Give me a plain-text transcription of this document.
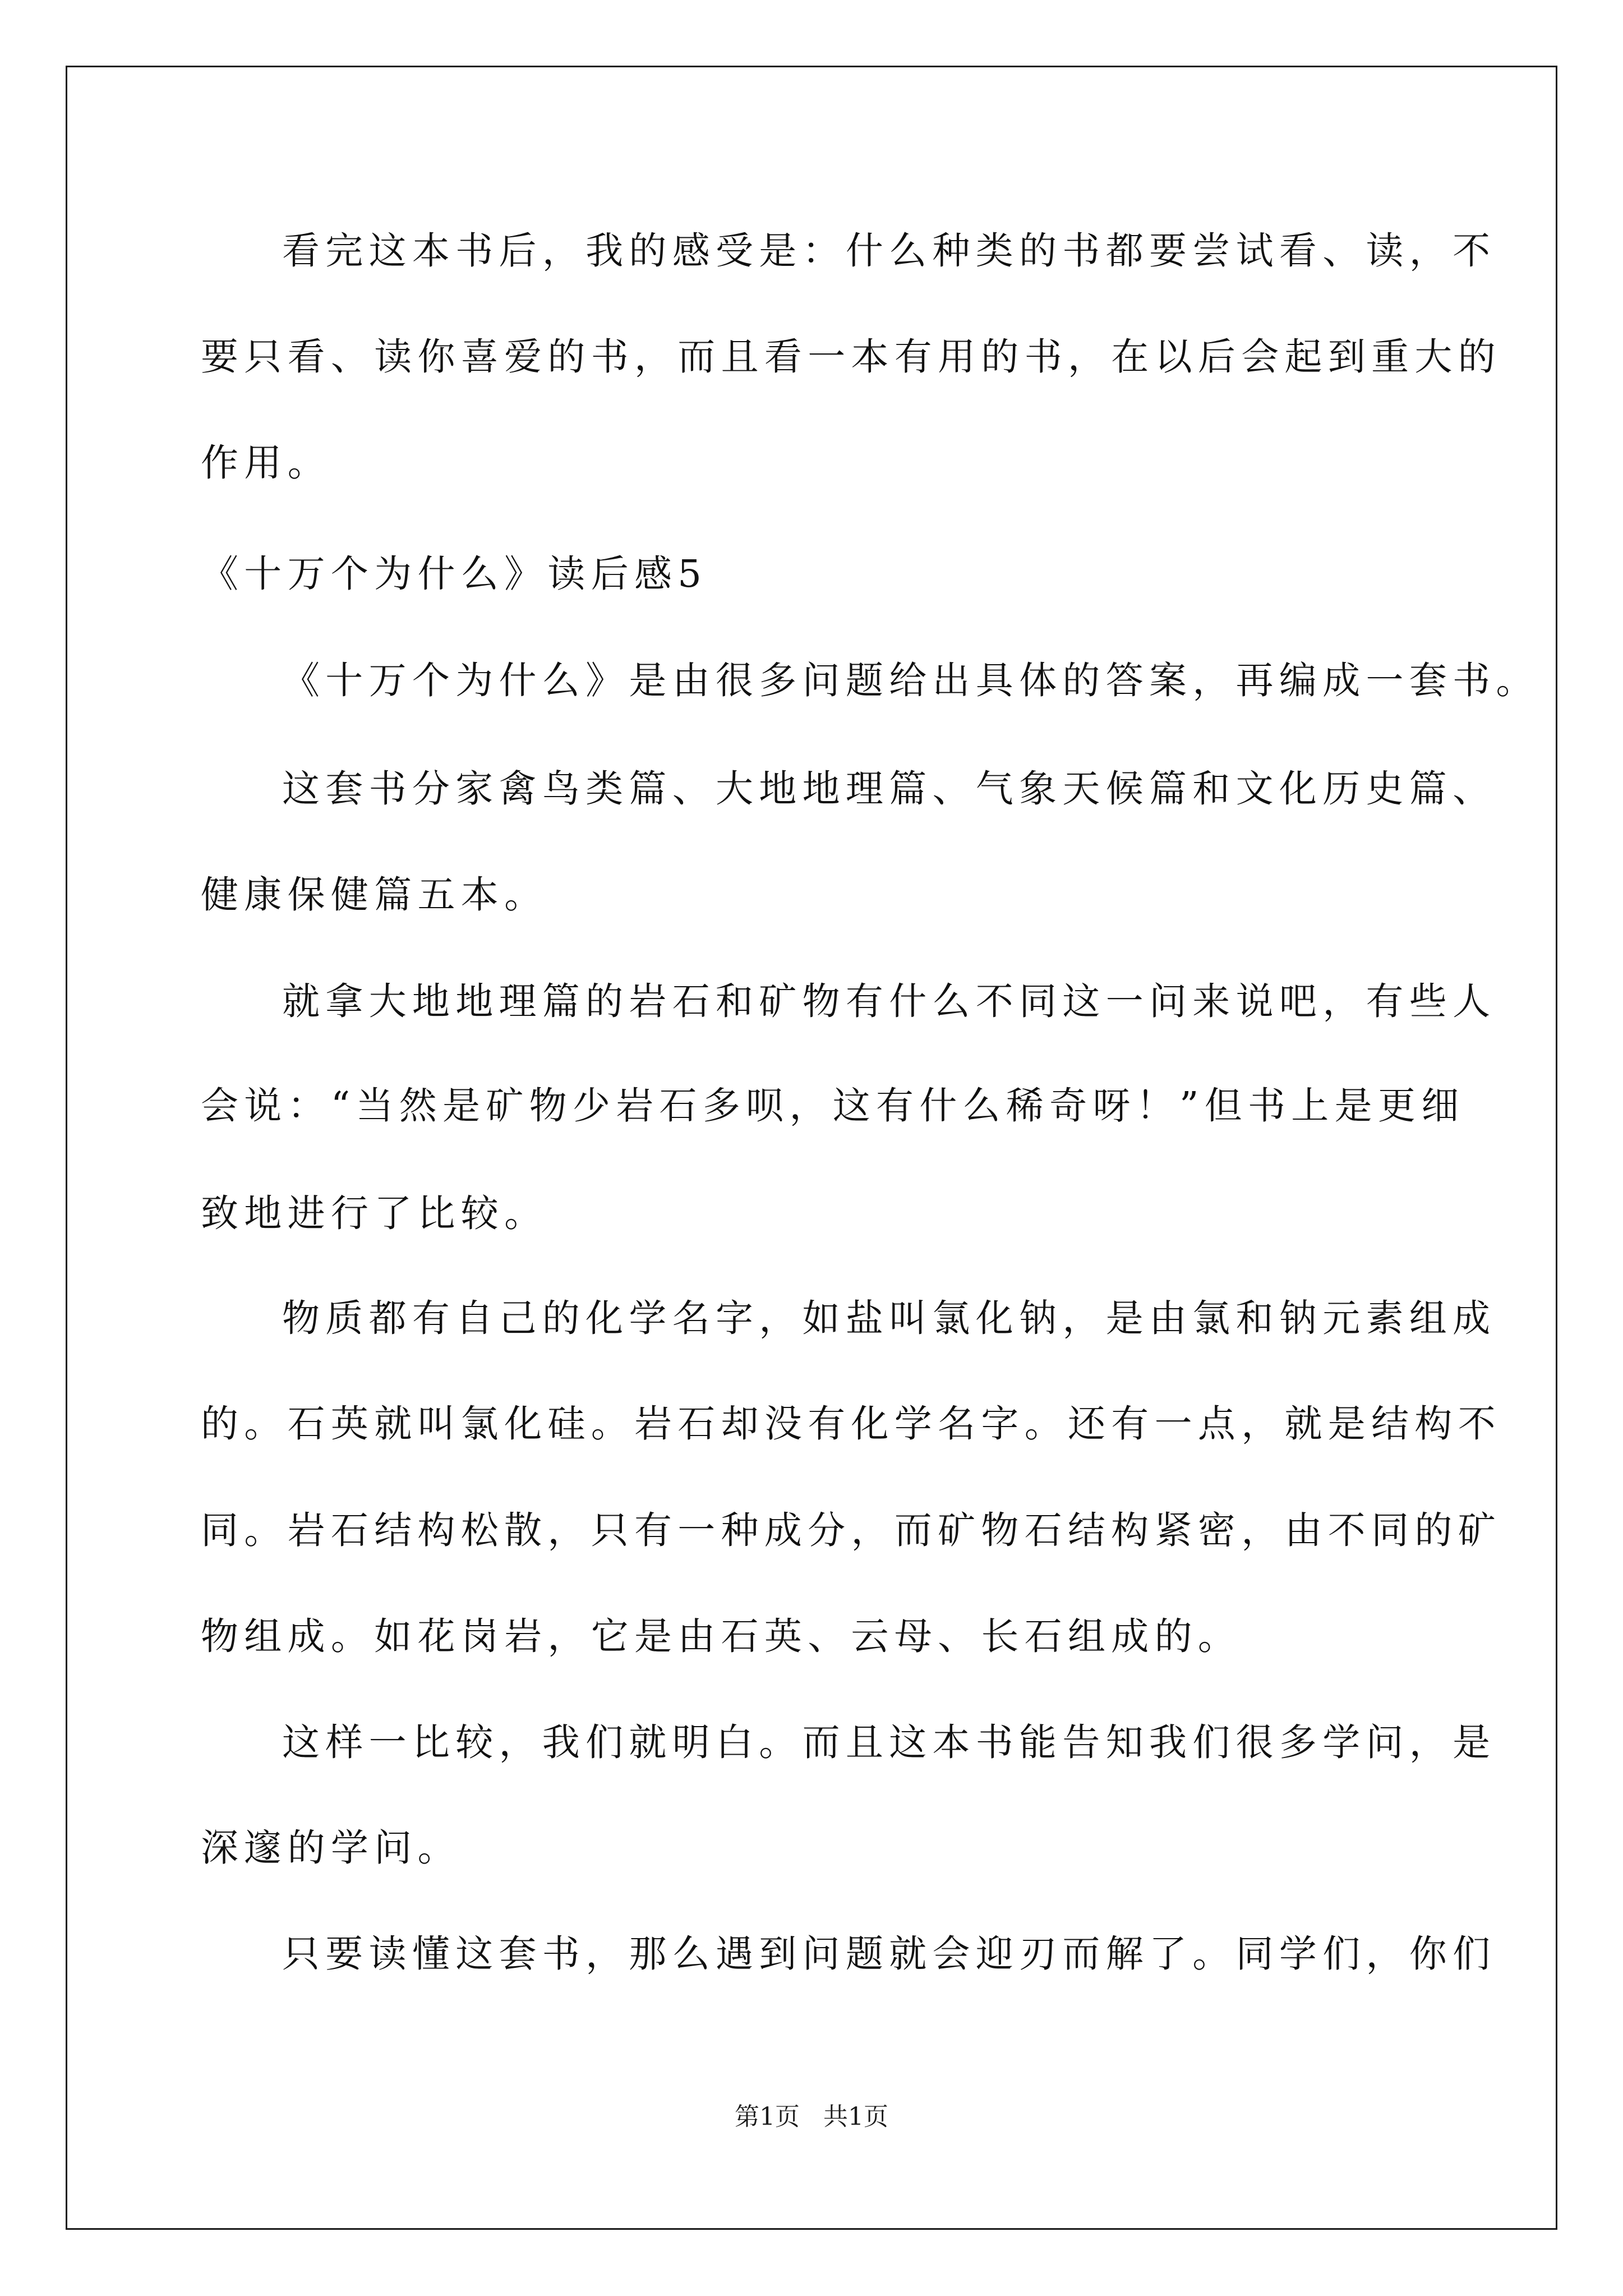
看完这本书后，我的感受是：什么种类的书都要尝试看、读，不
要只看、读你喜爱的书，而且看一本有用的书，在以后会起到重大的
作用。
《十万个为什么》读后感5
《十万个为什么》是由很多问题给出具体的答案，再编成一套书。
这套书分家禽鸟类篇、大地地理篇、气象天候篇和文化历史篇、
健康保健篇五本。
就拿大地地理篇的岩石和矿物有什么不同这一问来说吧，有些人
会说：“当然是矿物少岩石多呗，这有什么稀奇呀！”但书上是更细
致地进行了比较。
物质都有自己的化学名字，如盐叫氯化钠，是由氯和钠元素组成
的。石英就叫氯化硅。岩石却没有化学名字。还有一点，就是结构不
同。岩石结构松散，只有一种成分，而矿物石结构紧密，由不同的矿
物组成。如花岗岩，它是由石英、云母、长石组成的。
这样一比较，我们就明白。而且这本书能告知我们很多学问，是
深邃的学问。
只要读懂这套书，那么遇到问题就会迎刃而解了。同学们，你们
第1页   共1页
